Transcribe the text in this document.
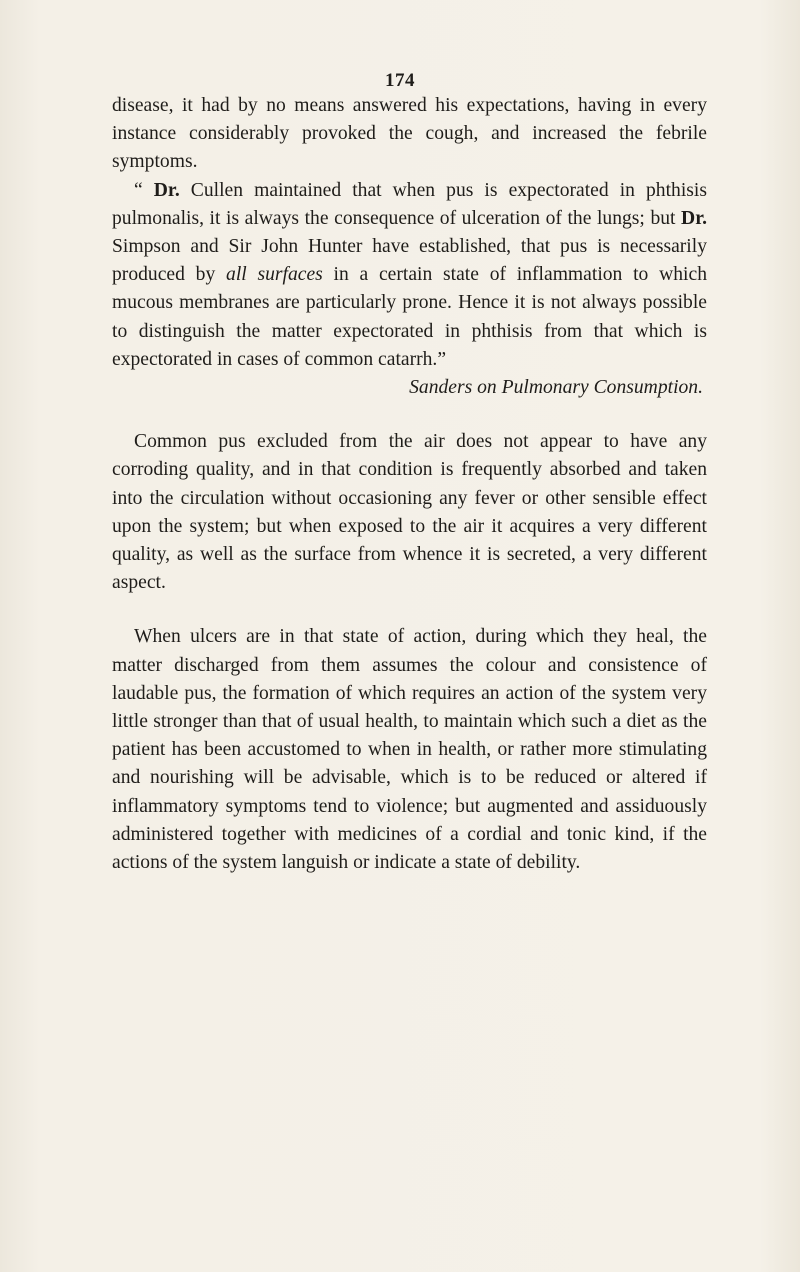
174

disease, it had by no means answered his expectations, having in every instance considerably provoked the cough, and increased the febrile symptoms.

“ Dr. Cullen maintained that when pus is expectorated in phthisis pulmonalis, it is always the consequence of ulceration of the lungs; but Dr. Simpson and Sir John Hunter have established, that pus is necessarily produced by all surfaces in a certain state of inflammation to which mucous membranes are particularly prone. Hence it is not always possible to distinguish the matter expectorated in phthisis from that which is expectorated in cases of common catarrh.”

Sanders on Pulmonary Consumption.

Common pus excluded from the air does not appear to have any corroding quality, and in that condition is frequently absorbed and taken into the circulation without occasioning any fever or other sensible effect upon the system; but when exposed to the air it acquires a very different quality, as well as the surface from whence it is secreted, a very different aspect.

When ulcers are in that state of action, during which they heal, the matter discharged from them assumes the colour and consistence of laudable pus, the formation of which requires an action of the system very little stronger than that of usual health, to maintain which such a diet as the patient has been accustomed to when in health, or rather more stimulating and nourishing will be advisable, which is to be reduced or altered if inflammatory symptoms tend to violence; but augmented and assiduously administered together with medicines of a cordial and tonic kind, if the actions of the system languish or indicate a state of debility.
